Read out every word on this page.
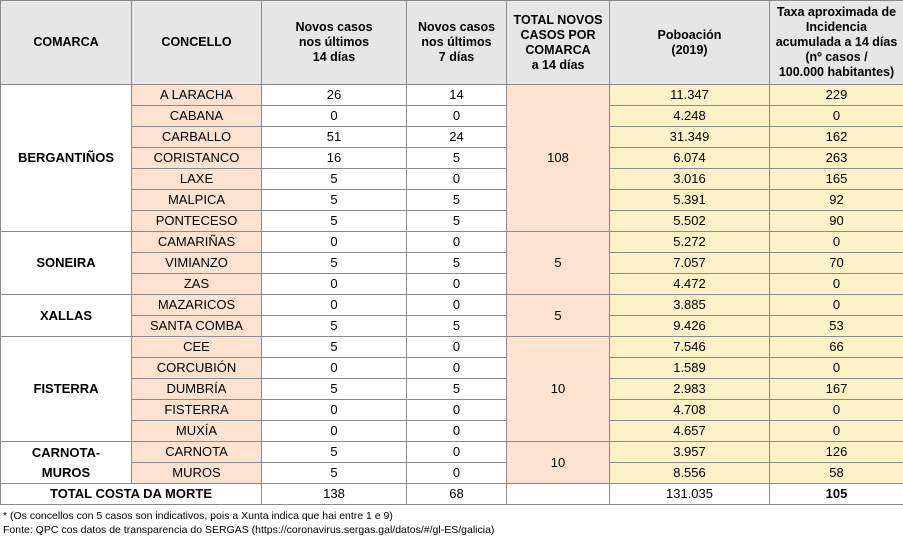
COMARCA	CONCELLO	Novos casos
nos últimos
14 días	Novos casos
nos últimos
7 días	TOTAL NOVOS
CASOS POR
COMARCA
a 14 días	Poboación
(2019)	Taxa aproximada de
Incidencia
acumulada a 14 días
(nº casos /
100.000 habitantes)
BERGANTIÑOS	A LARACHA	26	14	108	11.347	229
	CABANA	0	0		4.248	0
	CARBALLO	51	24		31.349	162
	CORISTANCO	16	5		6.074	263
	LAXE	5	0		3.016	165
	MALPICA	5	5		5.391	92
	PONTECESO	5	5		5.502	90
SONEIRA	CAMARIÑAS	0	0	5	5.272	0
	VIMIANZO	5	5		7.057	70
	ZAS	0	0		4.472	0
XALLAS	MAZARICOS	0	0	5	3.885	0
	SANTA COMBA	5	5		9.426	53
FISTERRA	CEE	5	0	10	7.546	66
	CORCUBIÓN	0	0		1.589	0
	DUMBRÍA	5	5		2.983	167
	FISTERRA	0	0		4.708	0
	MUXÍA	0	0		4.657	0
CARNOTA-
MUROS	CARNOTA	5	0	10	3.957	126
	MUROS	5	0		8.556	58
TOTAL COSTA DA MORTE		138	68		131.035	105
* (Os concellos con 5 casos son indicativos, pois a Xunta indica que hai entre 1 e 9)
Fonte: QPC cos datos de transparencia do SERGAS (https://coronavirus.sergas.gal/datos/#/gl-ES/galicia)
